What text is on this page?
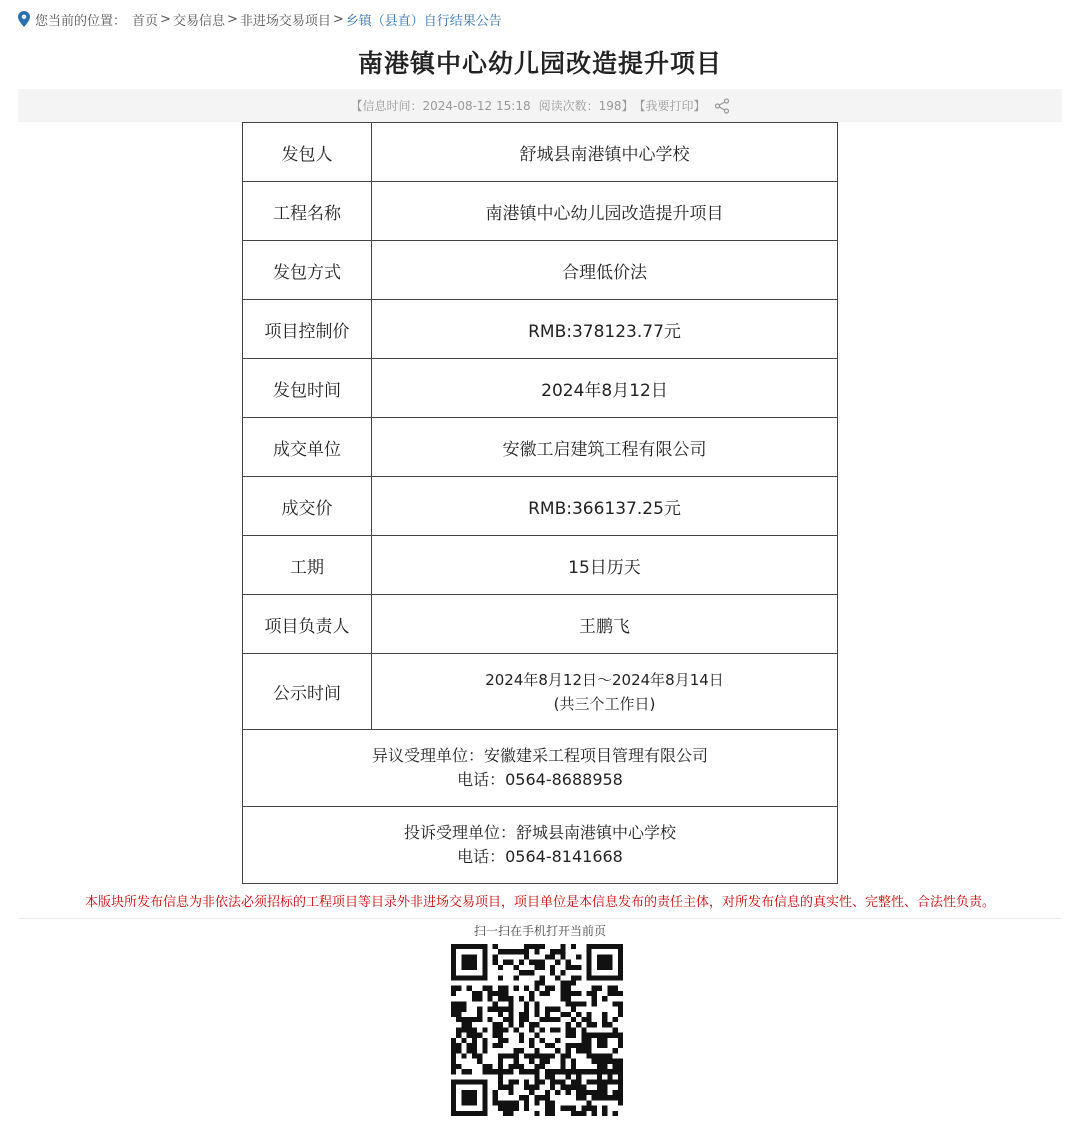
您当前的位置： 首页 > 交易信息 > 非进场交易项目 > 乡镇（县直）自行结果公告
南港镇中心幼儿园改造提升项目
【信息时间： 2024-08-12 15:18 阅读次数： 198 】 【我要打印】
发包人	舒城县南港镇中心学校
工程名称	南港镇中心幼儿园改造提升项目
发包方式	合理低价法
项目控制价	RMB:378123.77元
发包时间	2024年8月12日
成交单位	安徽工启建筑工程有限公司
成交价	RMB:366137.25元
工期	15日历天
项目负责人	王鹏飞
公示时间	2024年8月12日～2024年8月14日
(共三个工作日)

异议受理单位：安徽建采工程项目管理有限公司
电话：0564-8688958	

投诉受理单位：舒城县南港镇中心学校
电话：0564-8141668	
本版块所发布信息为非依法必须招标的工程项目等目录外非进场交易项目，项目单位是本信息发布的责任主体，对所发布信息的真实性、完整性、合法性负责。
扫一扫在手机打开当前页
